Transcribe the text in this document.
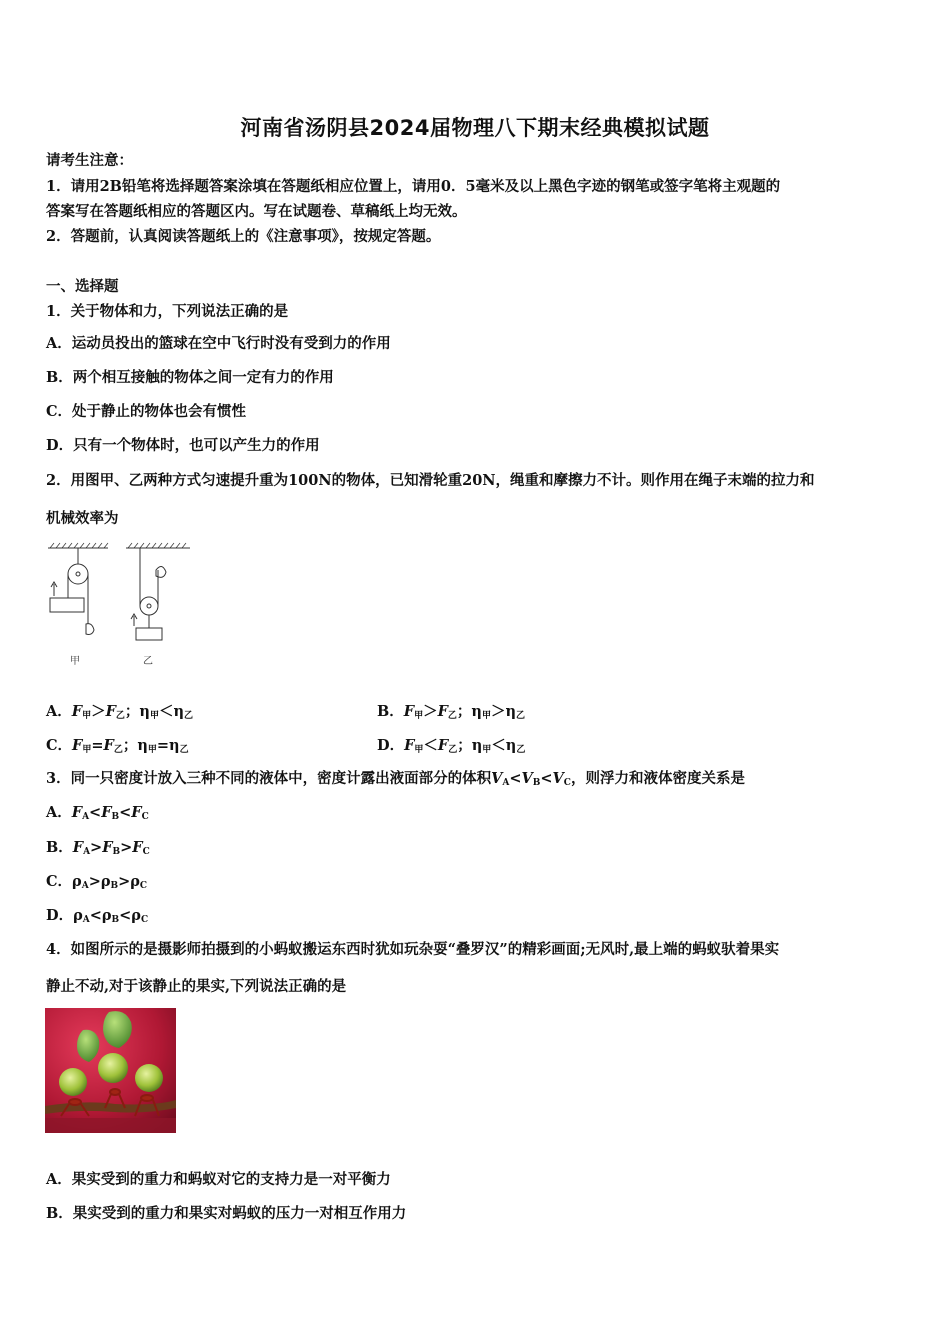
河南省汤阴县2024届物理八下期末经典模拟试题
请考生注意：
1．请用2B铅笔将选择题答案涂填在答题纸相应位置上，请用0．5毫米及以上黑色字迹的钢笔或签字笔将主观题的
答案写在答题纸相应的答题区内。写在试题卷、草稿纸上均无效。
2．答题前，认真阅读答题纸上的《注意事项》，按规定答题。
一、选择题
1．关于物体和力，下列说法正确的是
A．运动员投出的篮球在空中飞行时没有受到力的作用
B．两个相互接触的物体之间一定有力的作用
C．处于静止的物体也会有惯性
D．只有一个物体时，也可以产生力的作用
2．用图甲、乙两种方式匀速提升重为100N的物体，已知滑轮重20N，绳重和摩擦力不计。则作用在绳子末端的拉力和
机械效率为
甲	乙
A．$F_甲>F_乙$；$\eta_甲<\eta_乙$	B．$F_甲>F_乙$；$\eta_甲>\eta_乙$
C．$F_甲=F_乙$；$\eta_甲=\eta_乙$	D．$F_甲<F_乙$；$\eta_甲<\eta_乙$
3．同一只密度计放入三种不同的液体中，密度计露出液面部分的体积$V_A<V_B<V_C$，则浮力和液体密度关系是
A．$F_A<F_B<F_C$
B．$F_A>F_B>F_C$
C．$\rho_A>\rho_B>\rho_C$
D．$\rho_A<\rho_B<\rho_C$
4．如图所示的是摄影师拍摄到的小蚂蚁搬运东西时犹如玩杂耍“叠罗汉”的精彩画面;无风时,最上端的蚂蚁驮着果实
静止不动,对于该静止的果实,下列说法正确的是
A．果实受到的重力和蚂蚁对它的支持力是一对平衡力
B．果实受到的重力和果实对蚂蚁的压力一对相互作用力
